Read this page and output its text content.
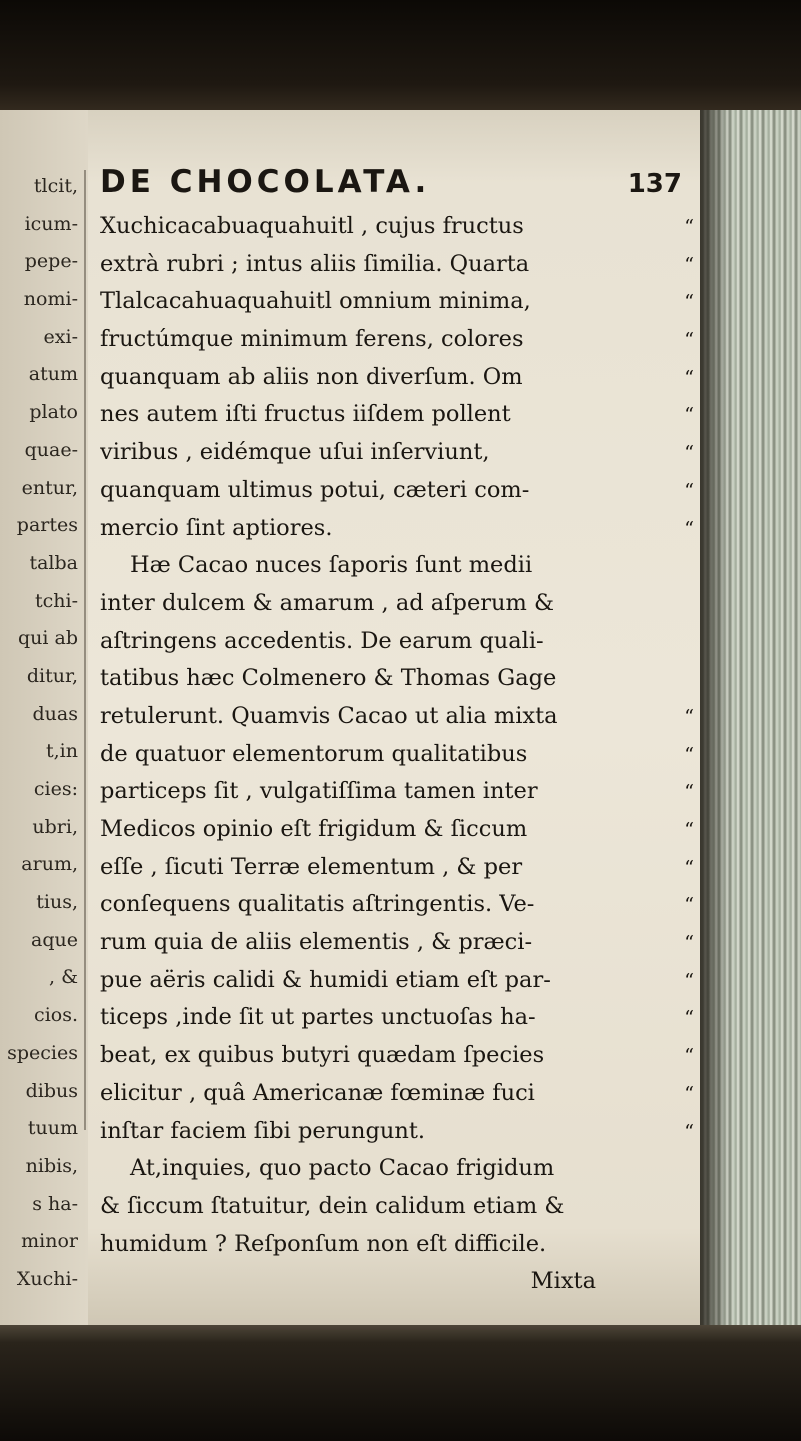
tlcit,
icum-
pepe-
nomi-
exi-
atum
plato
quae-
entur,
partes
talba
tchi-
qui ab
ditur,
duas
t,in
cies:
ubri,
arum,
tius,
aque
, &
cios.
species
dibus
tuum
nibis,
s ha-
minor
Xuchi-
DE CHOCOLATA.	137
Xuchicacabuaquahuitl , cujus fructus	“
extrà rubri ; intus aliis ſimilia. Quarta	“
Tlalcacahuaquahuitl omnium minima,	“
fructúmque minimum ferens, colores	“
quanquam ab aliis non diverſum. Om	“
nes autem iſti fructus iiſdem pollent	“
viribus , eidémque uſui inſerviunt,	“
quanquam ultimus potui, cæteri com-	“
mercio ſint aptiores.	“
Hæ Cacao nuces ſaporis ſunt medii
inter dulcem & amarum , ad aſperum &
aſtringens accedentis. De earum quali-
tatibus hæc Colmenero & Thomas Gage
retulerunt. Quamvis Cacao ut alia mixta	“
de quatuor elementorum qualitatibus	“
particeps ſit , vulgatiſſima tamen inter	“
Medicos opinio eſt frigidum & ſiccum	“
eſſe , ſicuti Terræ elementum , & per	“
conſequens qualitatis aſtringentis. Ve-	“
rum quia de aliis elementis , & præci-	“
pue aëris calidi & humidi etiam eſt par-	“
ticeps ,inde ſit ut partes unctuoſas ha-	“
beat, ex quibus butyri quædam ſpecies	“
elicitur , quâ Americanæ fœminæ fuci	“
inſtar faciem ſibi perungunt.	“
At,inquies, quo pacto Cacao frigidum
& ſiccum ſtatuitur, dein calidum etiam &
humidum ? Reſponſum non eſt difficile.
Mixta
